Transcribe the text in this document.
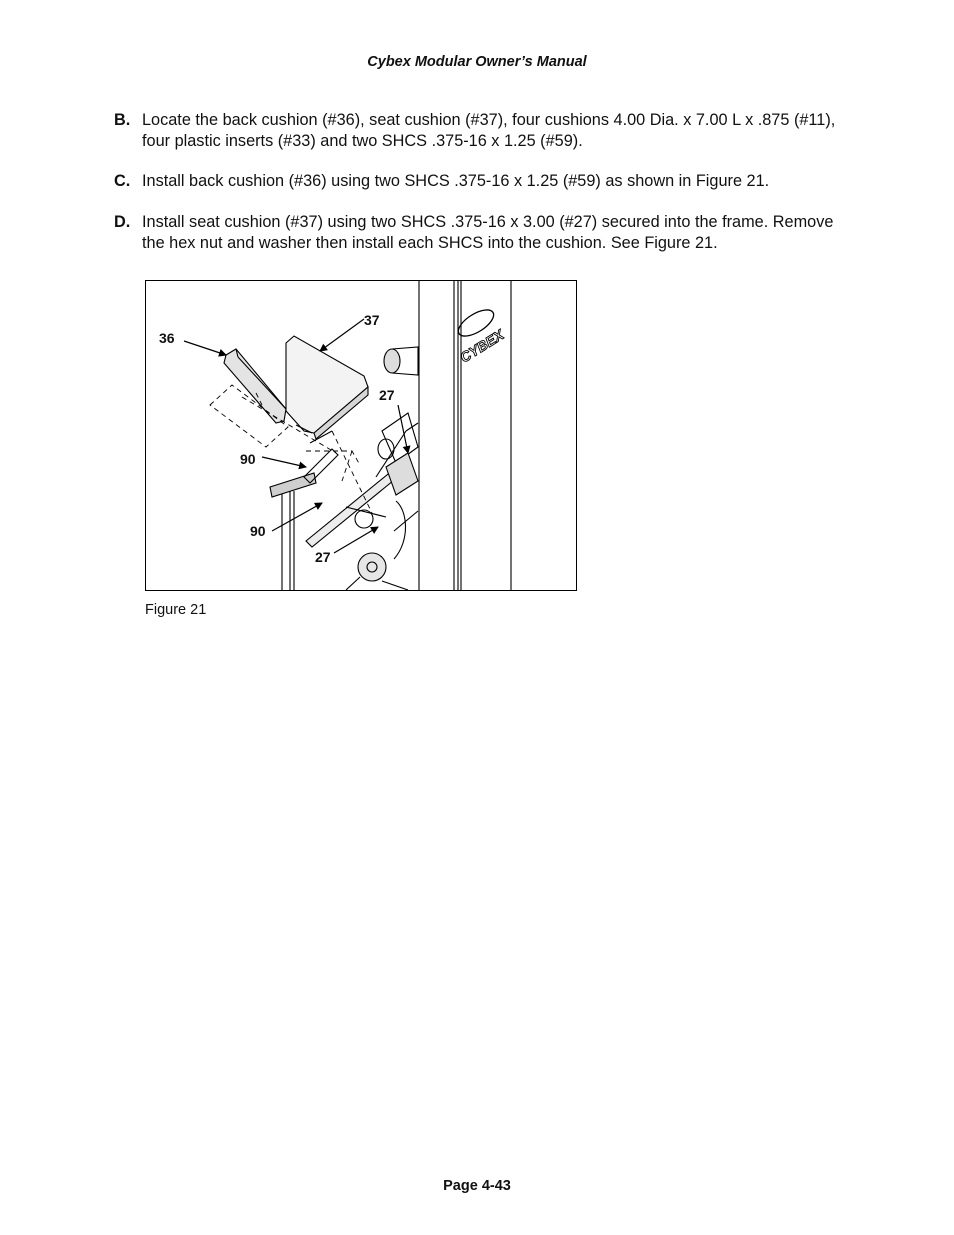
Cybex Modular Owner’s Manual
B. Locate the back cushion (#36), seat cushion (#37), four cushions 4.00 Dia. x 7.00 L x .875 (#11), four plastic inserts (#33) and two SHCS .375-16 x 1.25 (#59).
C. Install back cushion (#36) using two SHCS .375-16 x 1.25 (#59) as shown in Figure 21.
D. Install seat cushion (#37) using two SHCS .375-16 x 3.00 (#27) secured into the frame. Remove the hex nut and washer then install each SHCS into the cushion. See Figure 21.
CYBEX
36
37
27
90
90
27
Figure 21
Page 4-43
